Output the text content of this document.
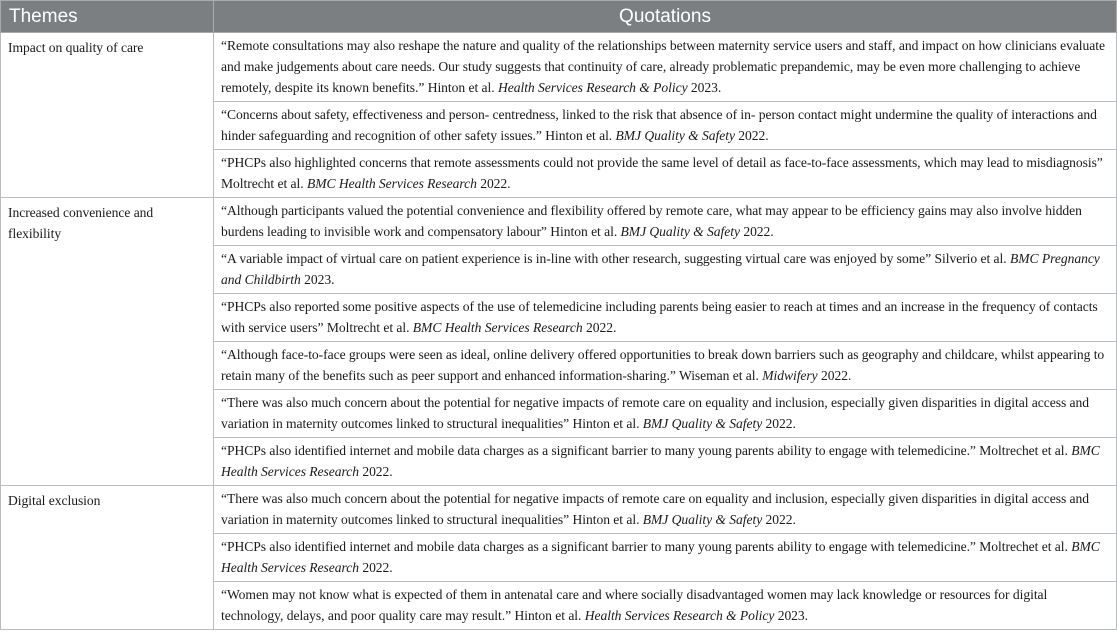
Themes	Quotations
Impact on quality of care	“Remote consultations may also reshape the nature and quality of the relationships between maternity service users and staff, and impact on how clinicians evaluate and make judgements about care needs. Our study suggests that continuity of care, already problematic prepandemic, may be even more challenging to achieve remotely, despite its known benefits.” Hinton et al. Health Services Research & Policy 2023.
	“Concerns about safety, effectiveness and person- centredness, linked to the risk that absence of in- person contact might undermine the quality of interactions and hinder safeguarding and recognition of other safety issues.” Hinton et al. BMJ Quality & Safety 2022.
	“PHCPs also highlighted concerns that remote assessments could not provide the same level of detail as face-to-face assessments, which may lead to misdiagnosis” Moltrecht et al. BMC Health Services Research 2022.
Increased convenience and flexibility	“Although participants valued the potential convenience and flexibility offered by remote care, what may appear to be efficiency gains may also involve hidden burdens leading to invisible work and compensatory labour” Hinton et al. BMJ Quality & Safety 2022.
	“A variable impact of virtual care on patient experience is in-line with other research, suggesting virtual care was enjoyed by some” Silverio et al. BMC Pregnancy and Childbirth 2023.
	“PHCPs also reported some positive aspects of the use of telemedicine including parents being easier to reach at times and an increase in the frequency of contacts with service users” Moltrecht et al. BMC Health Services Research 2022.
	“Although face-to-face groups were seen as ideal, online delivery offered opportunities to break down barriers such as geography and childcare, whilst appearing to retain many of the benefits such as peer support and enhanced information-sharing.” Wiseman et al. Midwifery 2022.
	“There was also much concern about the potential for negative impacts of remote care on equality and inclusion, especially given disparities in digital access and variation in maternity outcomes linked to structural inequalities” Hinton et al. BMJ Quality & Safety 2022.
	“PHCPs also identified internet and mobile data charges as a significant barrier to many young parents ability to engage with telemedicine.” Moltrechet et al. BMC Health Services Research 2022.
Digital exclusion	“There was also much concern about the potential for negative impacts of remote care on equality and inclusion, especially given disparities in digital access and variation in maternity outcomes linked to structural inequalities” Hinton et al. BMJ Quality & Safety 2022.
	“PHCPs also identified internet and mobile data charges as a significant barrier to many young parents ability to engage with telemedicine.” Moltrechet et al. BMC Health Services Research 2022.
	“Women may not know what is expected of them in antenatal care and where socially disadvantaged women may lack knowledge or resources for digital technology, delays, and poor quality care may result.” Hinton et al. Health Services Research & Policy 2023.
